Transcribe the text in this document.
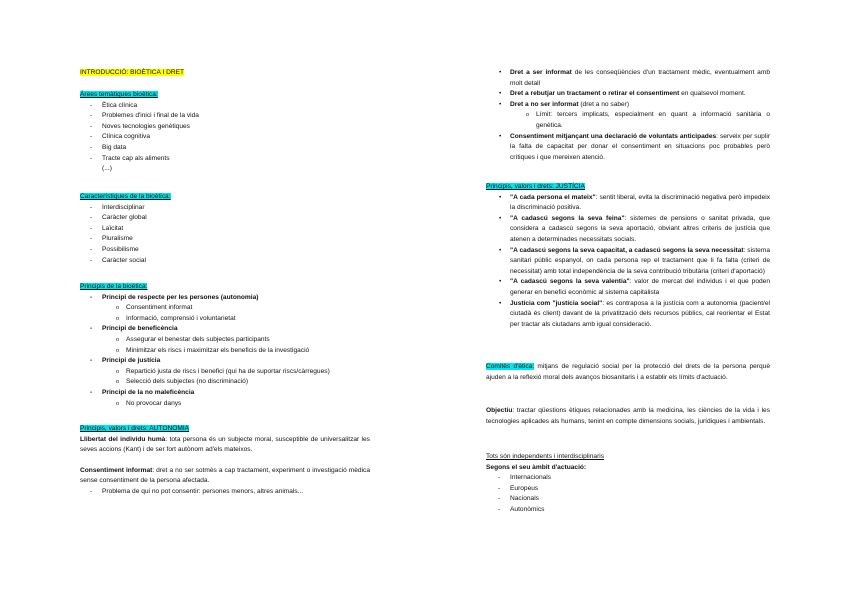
INTRODUCCIÓ: BIOÈTICA I DRET
Àrees temàtiques bioètica:
- Ètica clínica
- Problemes d'inici i final de la vida
- Noves tecnologies genètiques
- Clínica cognitiva
- Big data
- Tracte cap als aliments
(...)
Característiques de la bioètica:
- Interdisciplinar
- Caràcter global
- Laïcitat
- Pluralisme
- Possibilisme
- Caràcter social
Principis de la bioètica:
- Principi de respecte per les persones (autonomia)
o Consentiment informat
o Informació, comprensió i voluntarietat
- Principi de beneficència
o Assegurar el benestar dels subjectes participants
o Minimitzar els riscs i maximitzar els beneficis de la investigació
- Principi de justícia
o Repartició justa de riscs i benefici (qui ha de suportar riscs/càrregues)
o Selecció dels subjectes (no discriminació)
- Principi de la no maleficència
o No provocar danys
Principis, valors i drets: AUTONOMIA
Llibertat del individu humà: tota persona és un subjecte moral, susceptible de universalitzar les seves accions (Kant) i de ser fort autònom ad'els mateixos.
Consentiment informat: dret a no ser sotmès a cap tractament, experiment o investigació mèdica sense consentiment de la persona afectada.
- Problema de qui no pot consentir: persones menors, altres animals...
• Dret a ser informat de les conseqüències d'un tractament mèdic, eventualment amb molt detall
• Dret a rebutjar un tractament o retirar el consentiment en qualsevol moment.
• Dret a no ser informat (dret a no saber)
o Límit: tercers implicats, especialment en quant a informació sanitària o genètica.
• Consentiment mitjançant una declaració de voluntats anticipades: serveix per suplir la falta de capacitat per donar el consentiment en situacions poc probables però crítiques i que mereixen atenció.
Principis, valors i drets: JUSTÍCIA
• "A cada persona el mateix": sentit liberal, evita la discriminació negativa però impedeix la discriminació positiva.
• "A cadascú segons la seva feina": sistemes de pensions o sanitat privada, que considera a cadascú segons la seva aportació, obviant altres criteris de justícia que atenen a determinades necessitats socials.
• "A cadascú segons la seva capacitat, a cadascú segons la seva necessitat: sistema sanitari públic espanyol, on cada persona rep el tractament que li fa falta (criteri de necessitat) amb total independència de la seva contribució tributària (criteri d'aportació)
• "A cadascú segons la seva valentia": valor de mercat del individus i el que poden generar en benefici econòmic al sistema capitalista
• Justícia com "justícia social": es contraposa a la justícia com a autonomia (pacient/el ciutadà és client) davant de la privatització dels recursos públics, cal reorientar el Estat per tractar als ciutadans amb igual consideració.
Comitès d'ètica: mitjans de regulació social per la protecció del drets de la persona perquè ajuden a la reflexió moral dels avanços biosanitaris i a establir els límits d'actuació.
Objectiu: tractar qüestions ètiques relacionades amb la medicina, les ciències de la vida i les tecnologies aplicades als humans, tenint en compte dimensions socials, jurídiques i ambientals.
Tots són independents i interdisciplinaris
Segons el seu àmbit d'actuació:
- Internacionals
- Europeus
- Nacionals
- Autonòmics
